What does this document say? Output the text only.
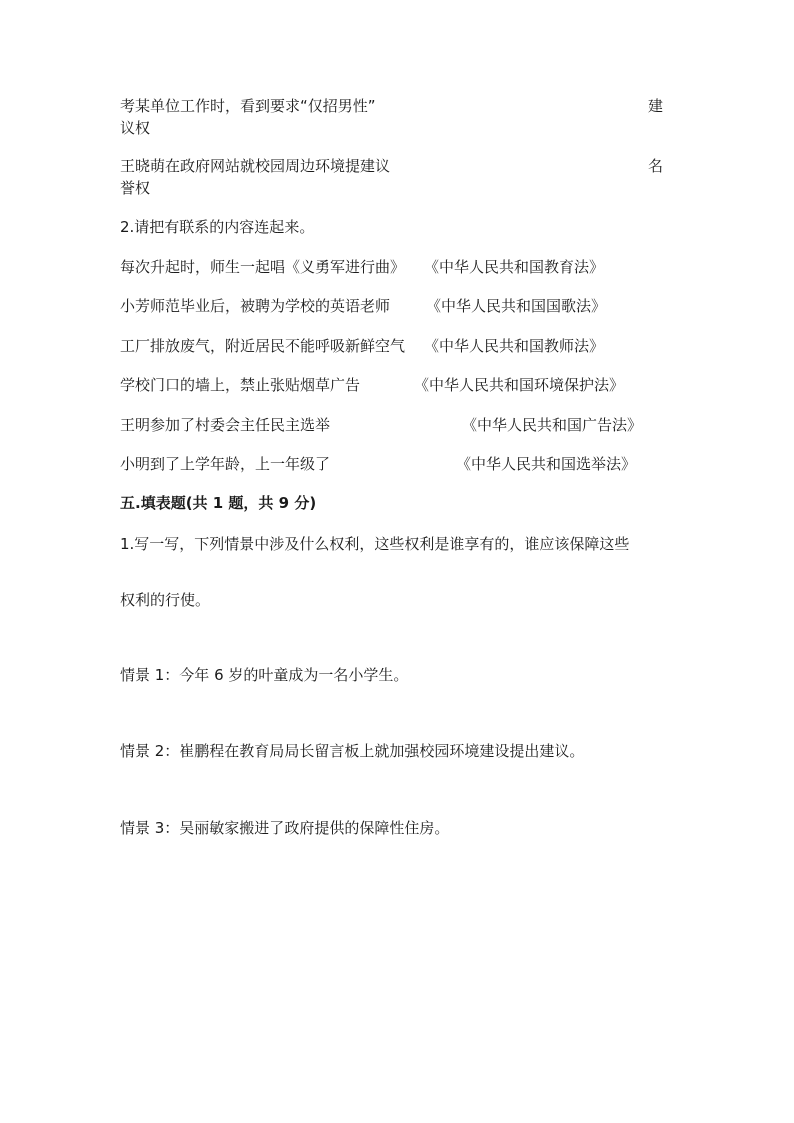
考某单位工作时，看到要求“仅招男性”	建
议权
王晓萌在政府网站就校园周边环境提建议	名
誉权
2.请把有联系的内容连起来。
每次升起时，师生一起唱《义勇军进行曲》 《中华人民共和国教育法》
小芳师范毕业后，被聘为学校的英语老师 《中华人民共和国国歌法》
工厂排放废气，附近居民不能呼吸新鲜空气 《中华人民共和国教师法》
学校门口的墙上，禁止张贴烟草广告	《中华人民共和国环境保护法》
王明参加了村委会主任民主选举	《中华人民共和国广告法》
小明到了上学年龄，上一年级了	《中华人民共和国选举法》
五.填表题(共 1 题，共 9 分)
1.写一写，下列情景中涉及什么权利，这些权利是谁享有的，谁应该保障这些
权利的行使。
情景 1：今年 6 岁的叶童成为一名小学生。
情景 2：崔鹏程在教育局局长留言板上就加强校园环境建设提出建议。
情景 3：吴丽敏家搬进了政府提供的保障性住房。
